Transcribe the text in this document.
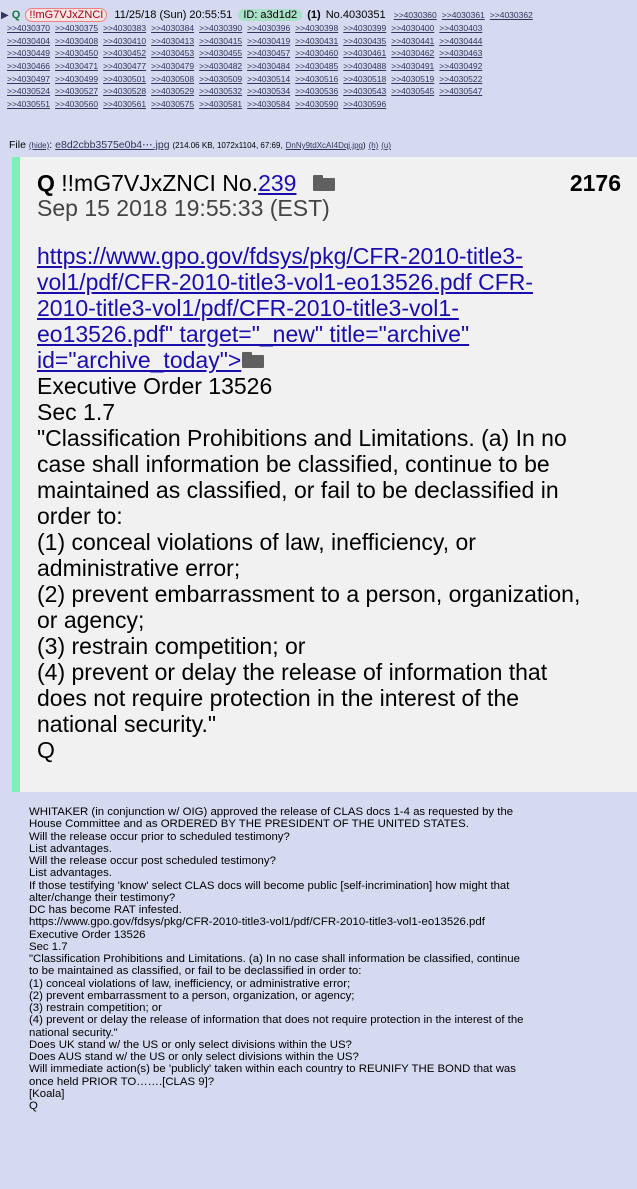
▶ Q !!mG7VJxZNCI 11/25/18 (Sun) 20:55:51 ID: a3d1d2 (1) No.4030351 >>4030360 >>4030361 >>4030362
>>4030370 >>4030375 >>4030383 >>4030384 >>4030390 >>4030396 >>4030398 >>4030399 >>4030400 >>4030403
>>4030404 >>4030408 >>4030410 >>4030413 >>4030415 >>4030419 >>4030431 >>4030435 >>4030441 >>4030444
>>4030449 >>4030450 >>4030452 >>4030453 >>4030455 >>4030457 >>4030460 >>4030461 >>4030462 >>4030463
>>4030466 >>4030471 >>4030477 >>4030479 >>4030482 >>4030484 >>4030485 >>4030488 >>4030491 >>4030492
>>4030497 >>4030499 >>4030501 >>4030508 >>4030509 >>4030514 >>4030516 >>4030518 >>4030519 >>4030522
>>4030524 >>4030527 >>4030528 >>4030529 >>4030532 >>4030534 >>4030536 >>4030543 >>4030545 >>4030547
>>4030551 >>4030560 >>4030561 >>4030575 >>4030581 >>4030584 >>4030590 >>4030596
File (hide): e8d2cbb3575e0b4⋯.jpg (214.06 KB, 1072x1104, 67:69, DnNy9tdXcAI4Dqj.jpg) (h) (u)
Q !!mG7VJxZNCI No.239	2176
Sep 15 2018 19:55:33 (EST)
https://www.gpo.gov/fdsys/pkg/CFR-2010-title3-
vol1/pdf/CFR-2010-title3-vol1-eo13526.pdf CFR-
2010-title3-vol1/pdf/CFR-2010-title3-vol1-
eo13526.pdf" target="_new" title="archive"
id="archive_today">
Executive Order 13526
Sec 1.7
"Classification Prohibitions and Limitations. (a) In no
case shall information be classified, continue to be
maintained as classified, or fail to be declassified in
order to:
(1) conceal violations of law, inefficiency, or
administrative error;
(2) prevent embarrassment to a person, organization,
or agency;
(3) restrain competition; or
(4) prevent or delay the release of information that
does not require protection in the interest of the
national security."
Q
WHITAKER (in conjunction w/ OIG) approved the release of CLAS docs 1-4 as requested by the
House Committee and as ORDERED BY THE PRESIDENT OF THE UNITED STATES.
Will the release occur prior to scheduled testimony?
List advantages.
Will the release occur post scheduled testimony?
List advantages.
If those testifying 'know' select CLAS docs will become public [self-incrimination] how might that
alter/change their testimony?
DC has become RAT infested.
https://www.gpo.gov/fdsys/pkg/CFR-2010-title3-vol1/pdf/CFR-2010-title3-vol1-eo13526.pdf
Executive Order 13526
Sec 1.7
"Classification Prohibitions and Limitations. (a) In no case shall information be classified, continue
to be maintained as classified, or fail to be declassified in order to:
(1) conceal violations of law, inefficiency, or administrative error;
(2) prevent embarrassment to a person, organization, or agency;
(3) restrain competition; or
(4) prevent or delay the release of information that does not require protection in the interest of the
national security."
Does UK stand w/ the US or only select divisions within the US?
Does AUS stand w/ the US or only select divisions within the US?
Will immediate action(s) be 'publicly' taken within each country to REUNIFY THE BOND that was
once held PRIOR TO…….[CLAS 9]?
[Koala]
Q
